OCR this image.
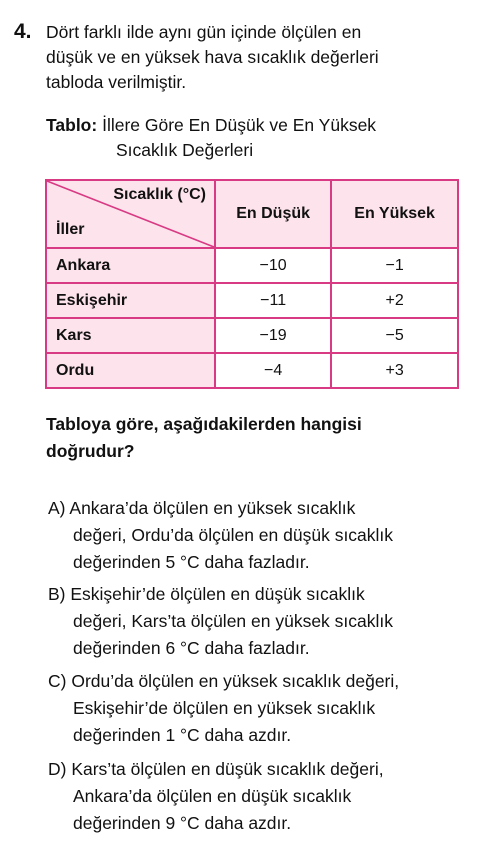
4. Dört farklı ilde aynı gün içinde ölçülen en
düşük ve en yüksek hava sıcaklık değerleri
tabloda verilmiştir.
Tablo: İllere Göre En Düşük ve En Yüksek
Sıcaklık Değerleri
Sıcaklık (°C)
İller	En Düşük	En Yüksek
Ankara	−10	−1
Eskişehir	−11	+2
Kars	−19	−5
Ordu	−4	+3
Tabloya göre, aşağıdakilerden hangisi
doğrudur?
A) Ankara’da ölçülen en yüksek sıcaklık
değeri, Ordu’da ölçülen en düşük sıcaklık
değerinden 5 °C daha fazladır.
B) Eskişehir’de ölçülen en düşük sıcaklık
değeri, Kars’ta ölçülen en yüksek sıcaklık
değerinden 6 °C daha fazladır.
C) Ordu’da ölçülen en yüksek sıcaklık değeri,
Eskişehir’de ölçülen en yüksek sıcaklık
değerinden 1 °C daha azdır.
D) Kars’ta ölçülen en düşük sıcaklık değeri,
Ankara’da ölçülen en düşük sıcaklık
değerinden 9 °C daha azdır.
